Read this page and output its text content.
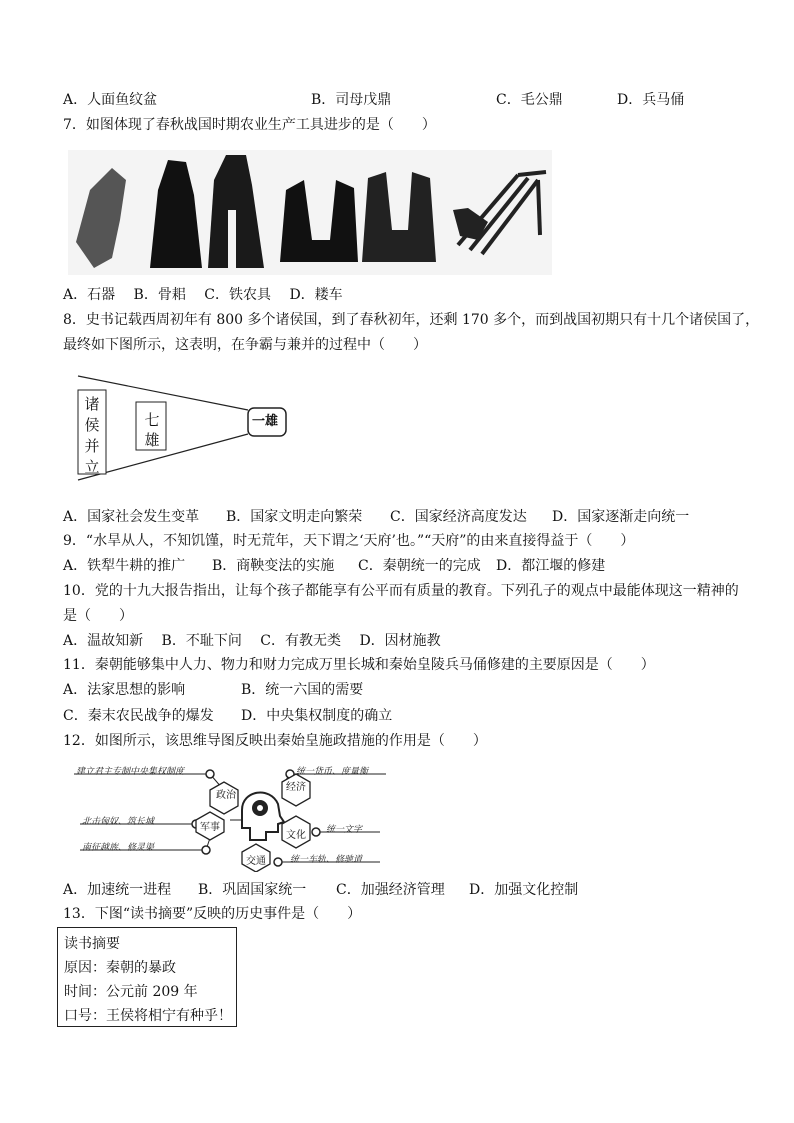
A．人面鱼纹盆	B．司母戊鼎	C．毛公鼎	D．兵马俑
7．如图体现了春秋战国时期农业生产工具进步的是（　　）
A．石器　 B．骨耜　 C．铁农具　 D．耧车
8．史书记载西周初年有 800 多个诸侯国，到了春秋初年，还剩 170 多个，而到战国初期只有十几个诸侯国了，
最终如下图所示，这表明，在争霸与兼并的过程中（　　）
诸侯并立
七雄
一雄
A．国家社会发生变革 B．国家文明走向繁荣 C．国家经济高度发达 D．国家逐渐走向统一
9．“水旱从人，不知饥馑，时无荒年，天下谓之‘天府’也。”“天府”的由来直接得益于（　　）
A．铁犁牛耕的推广 B．商鞅变法的实施 C．秦朝统一的完成 D．都江堰的修建
10．党的十九大报告指出，让每个孩子都能享有公平而有质量的教育。下列孔子的观点中最能体现这一精神的
是（　　）
A．温故知新　 B．不耻下问　 C．有教无类　 D．因材施教
11．秦朝能够集中人力、物力和财力完成万里长城和秦始皇陵兵马俑修建的主要原因是（　　）
A．法家思想的影响	B．统一六国的需要
C．秦末农民战争的爆发 D．中央集权制度的确立
12．如图所示，该思维导图反映出秦始皇施政措施的作用是（　　）
政治
经济
军事
文化
交通
建立君主专制中央集权制度	统一货币、度量衡
北击匈奴、筑长城
南征越族、修灵渠
统一文字
统一车轨、修驰道
A．加速统一进程 B．巩固国家统一 C．加强经济管理 D．加强文化控制
13．下图“读书摘要”反映的历史事件是（　　）
读书摘要
原因：秦朝的暴政
时间：公元前 209 年
口号：王侯将相宁有种乎！
